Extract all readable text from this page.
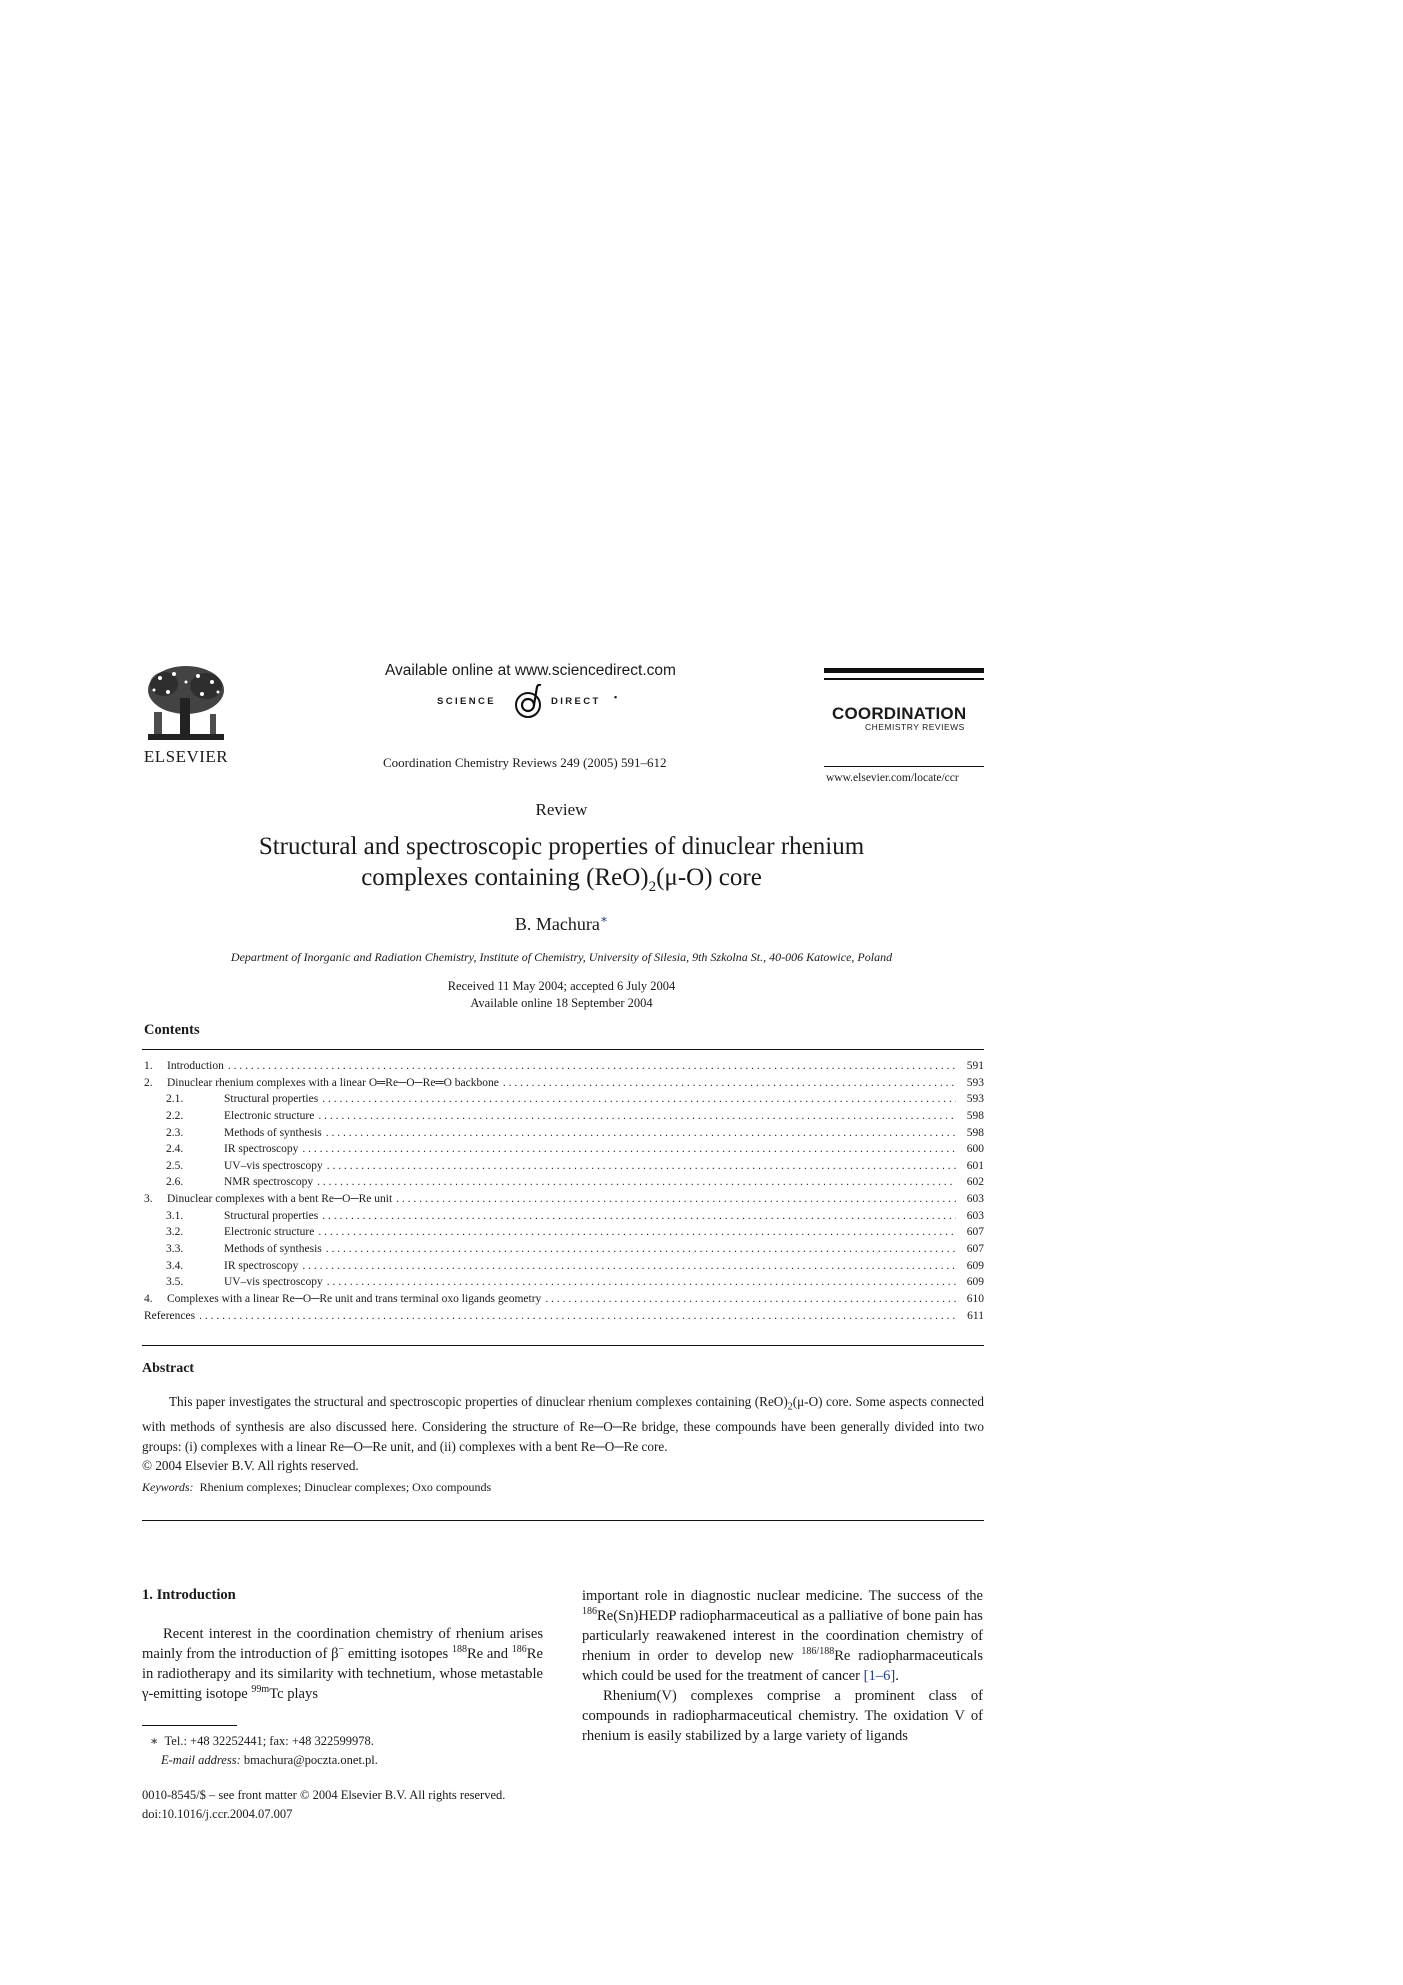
ELSEVIER
Available online at www.sciencedirect.com
SCIENCE	DIRECT •
Coordination Chemistry Reviews 249 (2005) 591–612
COORDINATION
CHEMISTRY REVIEWS
www.elsevier.com/locate/ccr
Review
Structural and spectroscopic properties of dinuclear rhenium
complexes containing $(ReO)_2(\mu-O)$ core
B. Machura∗
Department of Inorganic and Radiation Chemistry, Institute of Chemistry, University of Silesia, 9th Szkolna St., 40-006 Katowice, Poland
Received 11 May 2004; accepted 6 July 2004
Available online 18 September 2004
Contents
1.	Introduction . . .	591
2.	Dinuclear rhenium complexes with a linear O═Re─O─Re═O backbone . . .	593
2.1.	Structural properties . . .	593
2.2.	Electronic structure . . .	598
2.3.	Methods of synthesis . . .	598
2.4.	IR spectroscopy . . .	600
2.5.	UV–vis spectroscopy . . .	601
2.6.	NMR spectroscopy . . .	602
3.	Dinuclear complexes with a bent Re─O─Re unit . . .	603
3.1.	Structural properties . . .	603
3.2.	Electronic structure . . .	607
3.3.	Methods of synthesis . . .	607
3.4.	IR spectroscopy . . .	609
3.5.	UV–vis spectroscopy . . .	609
4.	Complexes with a linear Re─O─Re unit and trans terminal oxo ligands geometry . . .	610
References . . .	611
Abstract

This paper investigates the structural and spectroscopic properties of dinuclear rhenium complexes containing $(ReO)_2(\mu-O)$ core. Some aspects connected with methods of synthesis are also discussed here. Considering the structure of Re─O─Re bridge, these compounds have been generally divided into two groups: (i) complexes with a linear Re─O─Re unit, and (ii) complexes with a bent Re─O─Re core.

© 2004 Elsevier B.V. All rights reserved.
Keywords: Rhenium complexes; Dinuclear complexes; Oxo compounds
1. Introduction

Recent interest in the coordination chemistry of rhenium arises mainly from the introduction of β− emitting isotopes $^{188}$Re and $^{186}$Re in radiotherapy and its similarity with technetium, whose metastable γ-emitting isotope $^{99m}$Tc plays

important role in diagnostic nuclear medicine. The success of the $^{186}$Re(Sn)HEDP radiopharmaceutical as a palliative of bone pain has particularly reawakened interest in the coordination chemistry of rhenium in order to develop new $^{186/188}$Re radiopharmaceuticals which could be used for the treatment of cancer [1–6].

Rhenium(V) complexes comprise a prominent class of compounds in radiopharmaceutical chemistry. The oxidation V of rhenium is easily stabilized by a large variety of ligands

∗ Tel.: +48 32252441; fax: +48 322599978.
E-mail address: bmachura@poczta.onet.pl.
0010-8545/$ – see front matter © 2004 Elsevier B.V. All rights reserved.
doi:10.1016/j.ccr.2004.07.007
